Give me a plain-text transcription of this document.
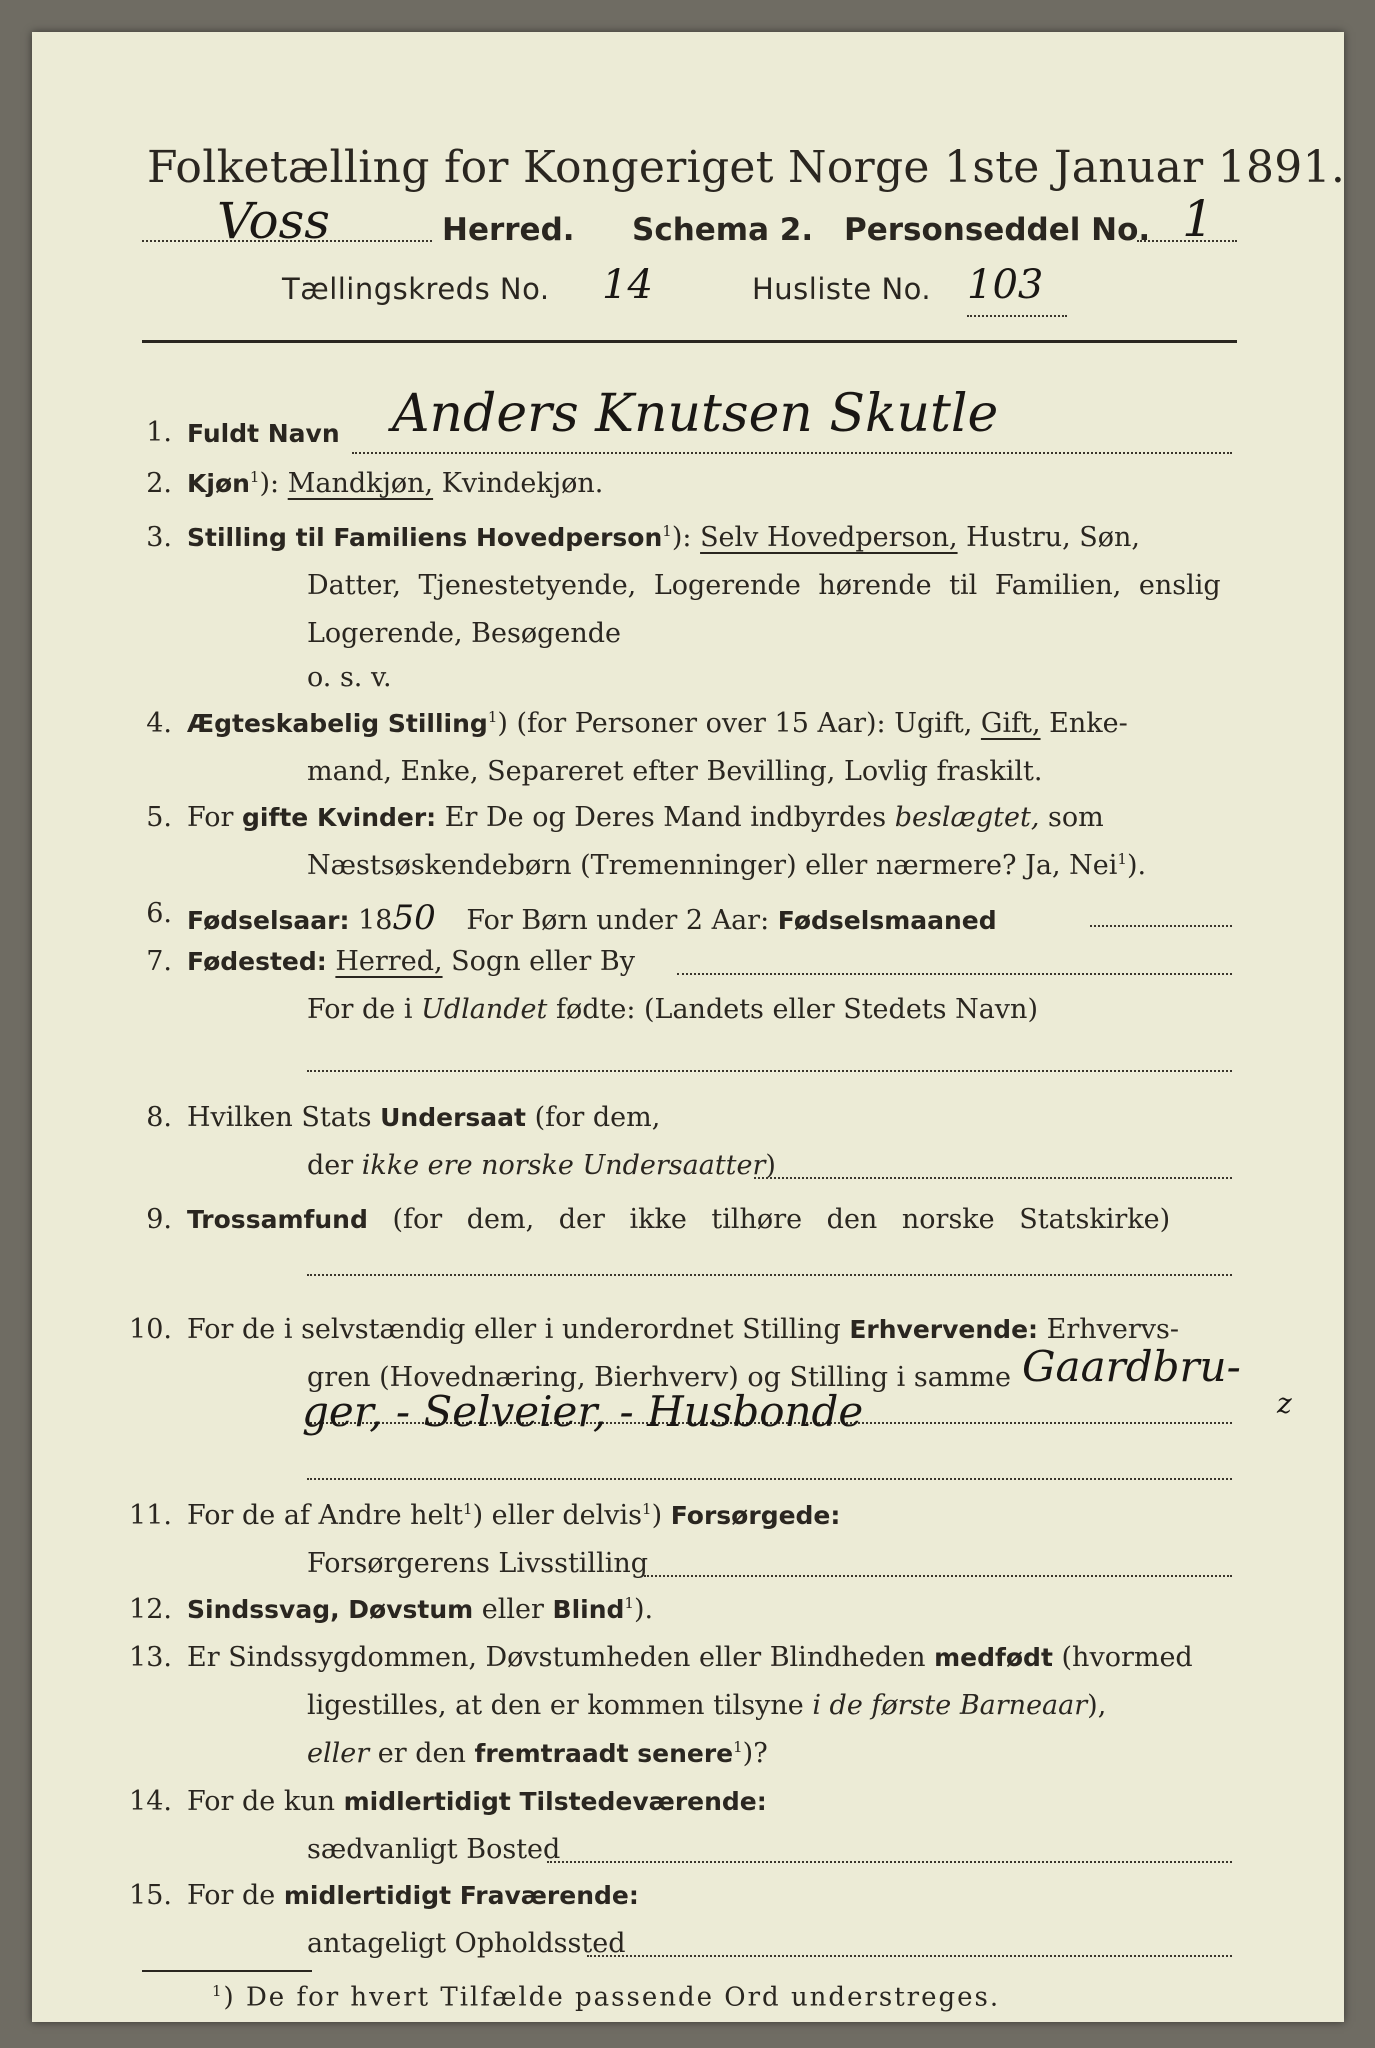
Folketælling for Kongeriget Norge 1ste Januar 1891.
Voss	Herred. Schema 2. Personseddel No. 1
Tællingskreds No. 14	Husliste No. 103
1. Fuldt Navn Anders Knutsen Skutle
2. Kjøn$^1$): Mandkjøn, Kvindekjøn.
3. Stilling til Familiens Hovedperson$^1$): Selv Hovedperson, Hustru, Søn,
Datter, Tjenestetyende, Logerende hørende til Familien, enslig
Logerende, Besøgende
o. s. v.
4. Ægteskabelig Stilling$^1$) (for Personer over 15 Aar): Ugift, Gift, Enke-
mand, Enke, Separeret efter Bevilling, Lovlig fraskilt.
5. For gifte Kvinder: Er De og Deres Mand indbyrdes beslægtet, som
Næstsøskendebørn (Tremenninger) eller nærmere? Ja, Nei$^1$).
6. Fødselsaar: 1850 For Børn under 2 Aar: Fødselsmaaned
7. Fødested: Herred, Sogn eller By
For de i Udlandet fødte: (Landets eller Stedets Navn)
8. Hvilken Stats Undersaat (for dem,
der ikke ere norske Undersaatter)
9. Trossamfund (for dem, der ikke tilhøre den norske Statskirke)
10. For de i selvstændig eller i underordnet Stilling Erhvervende: Erhvervs-
gren (Hovednæring, Bierhverv) og Stilling i samme Gaardbru-
ger, - Selveier, - Husbonde	z
11. For de af Andre helt$^1$) eller delvis$^1$) Forsørgede:
Forsørgerens Livsstilling
12. Sindssvag, Døvstum eller Blind$^1$).
13. Er Sindssygdommen, Døvstumheden eller Blindheden medfødt (hvormed
ligestilles, at den er kommen tilsyne i de første Barneaar),
eller er den fremtraadt senere$^1$)?
14. For de kun midlertidigt Tilstedeværende:
sædvanligt Bosted
15. For de midlertidigt Fraværende:
antageligt Opholdssted
$^1$) De for hvert Tilfælde passende Ord understreges.
